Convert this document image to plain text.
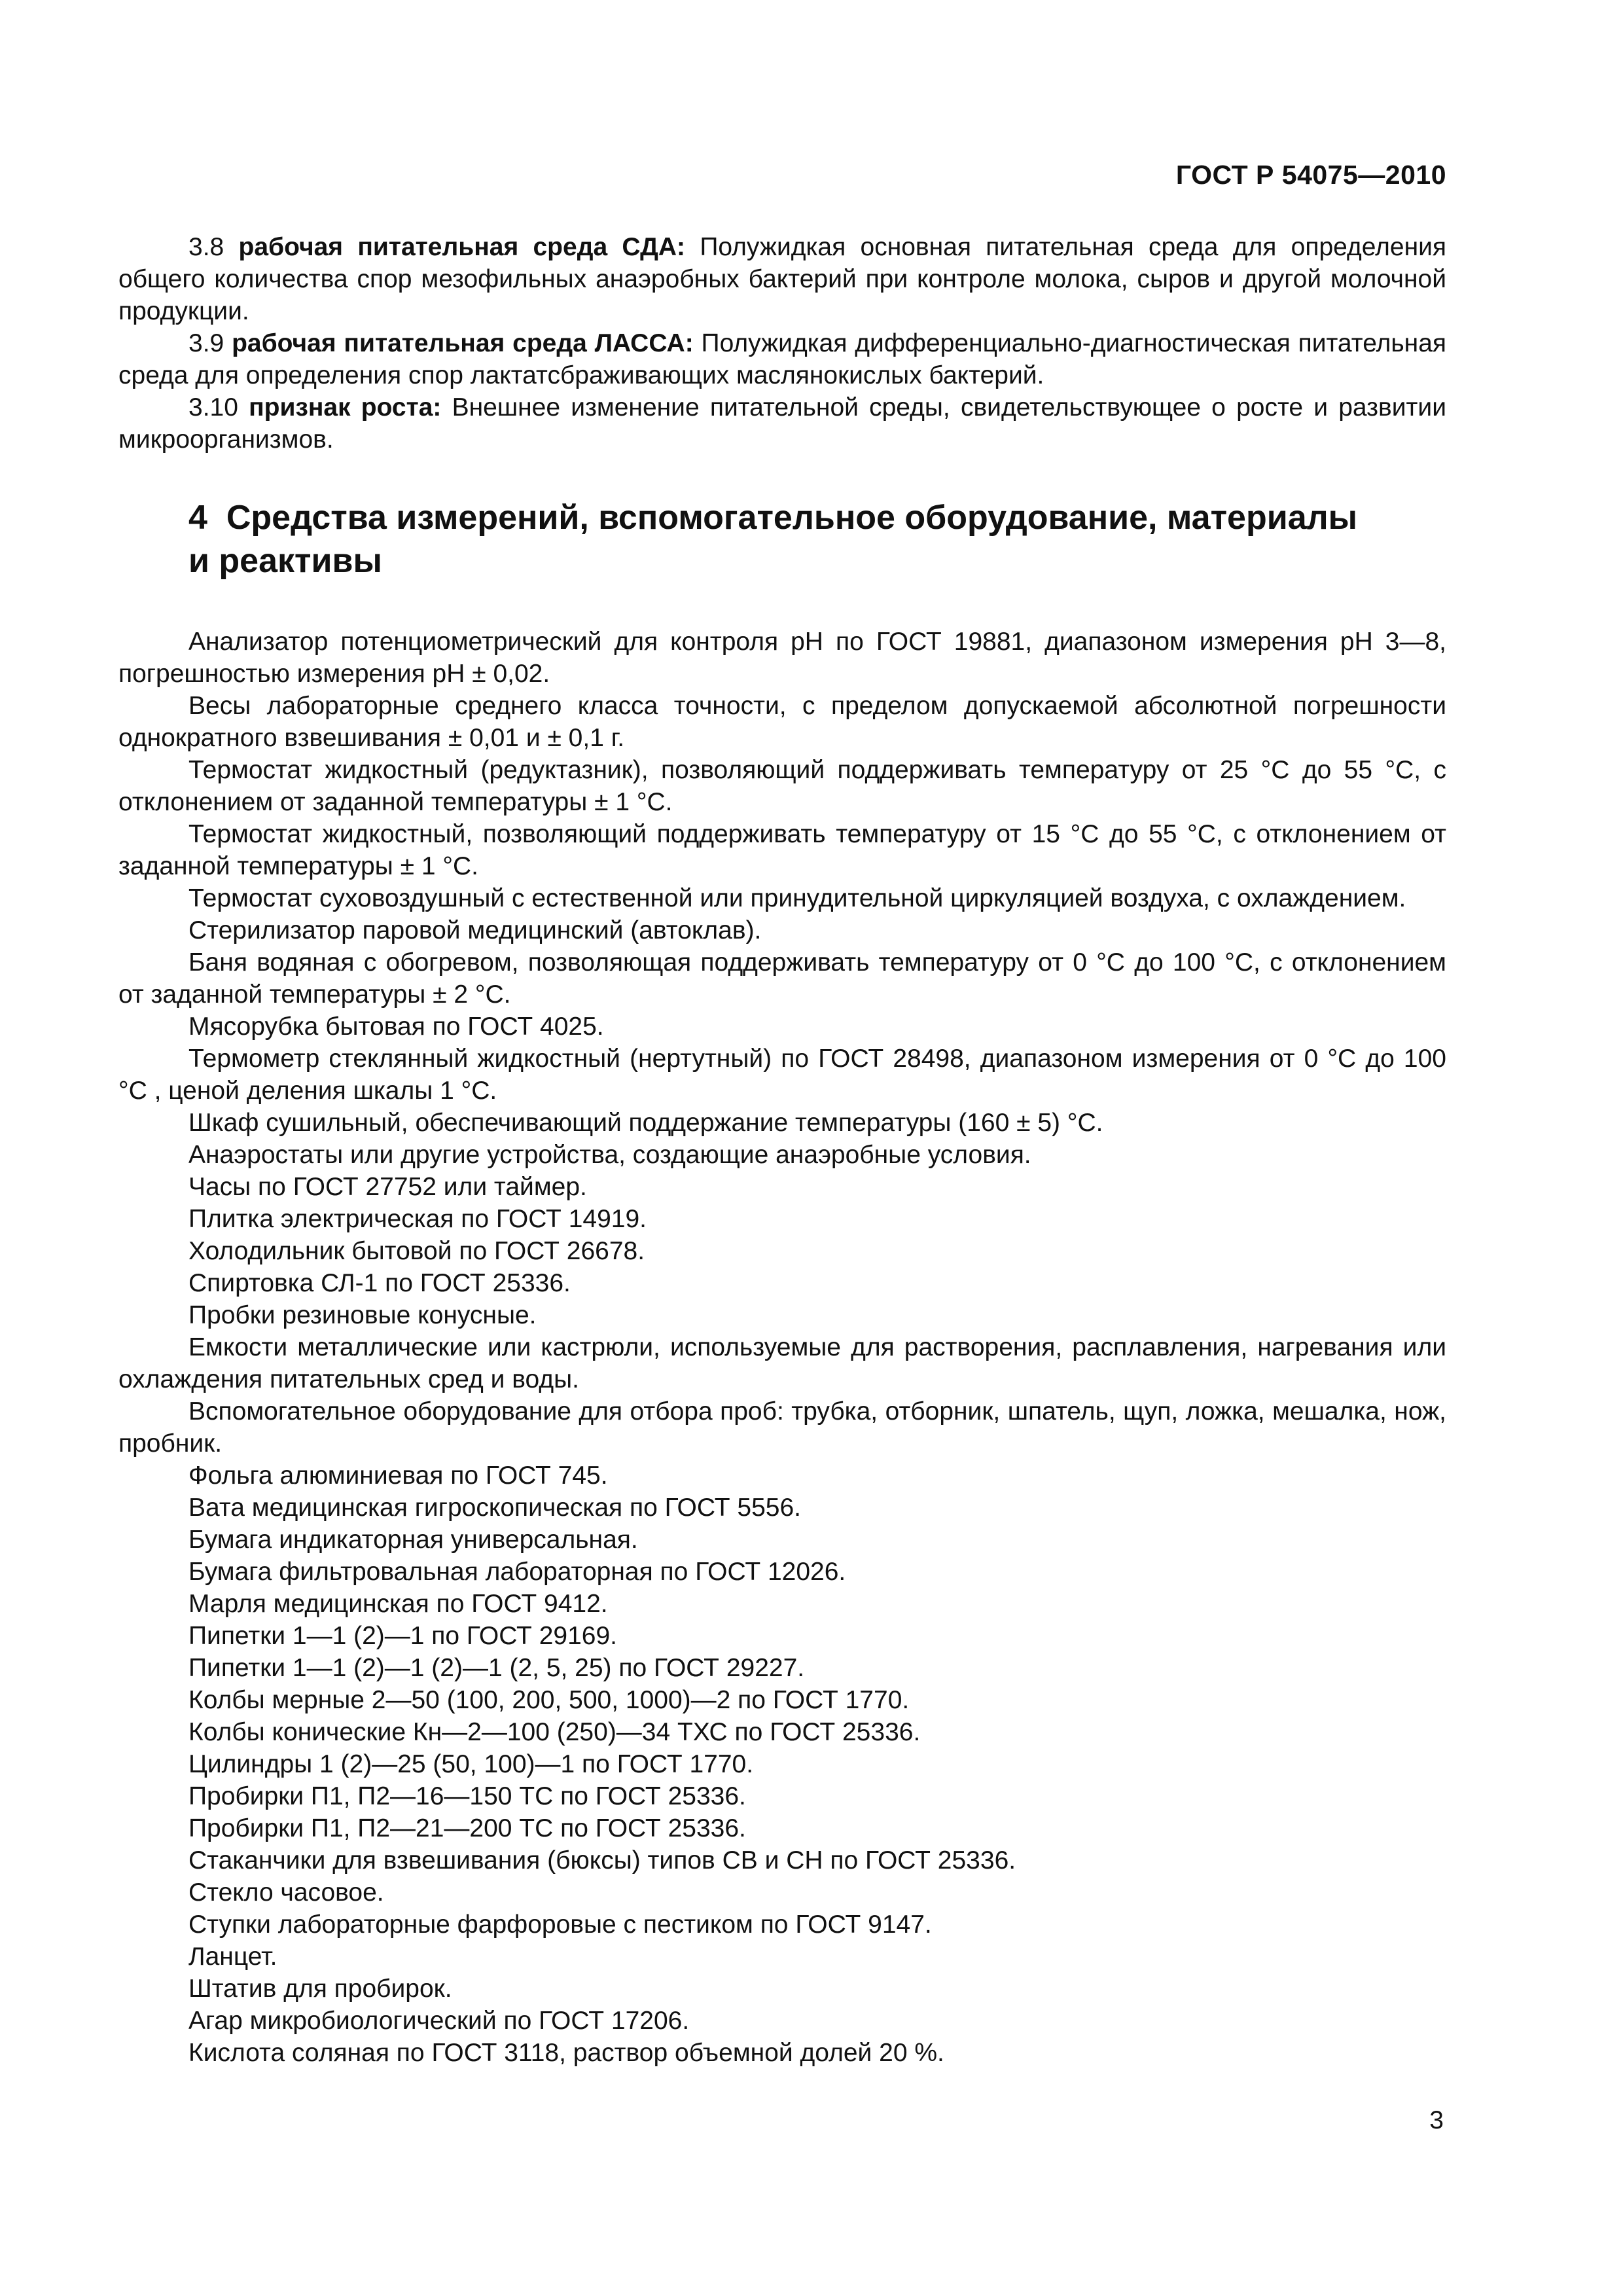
ГОСТ Р 54075—2010

3.8 рабочая питательная среда СДА: Полужидкая основная питательная среда для определения общего количества спор мезофильных анаэробных бактерий при контроле молока, сыров и другой молочной продукции.

3.9 рабочая питательная среда ЛАССА: Полужидкая дифференциально-диагностическая питательная среда для определения спор лактатсбраживающих маслянокислых бактерий.

3.10 признак роста: Внешнее изменение питательной среды, свидетельствующее о росте и развитии микроорганизмов.

4 Средства измерений, вспомогательное оборудование, материалы и реактивы

Анализатор потенциометрический для контроля pH по ГОСТ 19881, диапазоном измерения pH 3—8, погрешностью измерения pH ± 0,02.

Весы лабораторные среднего класса точности, с пределом допускаемой абсолютной погрешности однократного взвешивания ± 0,01 и ± 0,1 г.

Термостат жидкостный (редуктазник), позволяющий поддерживать температуру от 25 °С до 55 °С, с отклонением от заданной температуры ± 1 °С.

Термостат жидкостный, позволяющий поддерживать температуру от 15 °С до 55 °С, с отклонением от заданной температуры ± 1 °С.

Термостат суховоздушный с естественной или принудительной циркуляцией воздуха, с охлаждением.

Стерилизатор паровой медицинский (автоклав).

Баня водяная с обогревом, позволяющая поддерживать температуру от 0 °С до 100 °С, с отклонением от заданной температуры ± 2 °С.

Мясорубка бытовая по ГОСТ 4025.

Термометр стеклянный жидкостный (нертутный) по ГОСТ 28498, диапазоном измерения от 0 °С до 100 °С , ценой деления шкалы 1 °С.

Шкаф сушильный, обеспечивающий поддержание температуры (160 ± 5) °С.

Анаэростаты или другие устройства, создающие анаэробные условия.

Часы по ГОСТ 27752 или таймер.

Плитка электрическая по ГОСТ 14919.

Холодильник бытовой по ГОСТ 26678.

Спиртовка СЛ-1 по ГОСТ 25336.

Пробки резиновые конусные.

Емкости металлические или кастрюли, используемые для растворения, расплавления, нагревания или охлаждения питательных сред и воды.

Вспомогательное оборудование для отбора проб: трубка, отборник, шпатель, щуп, ложка, мешалка, нож, пробник.

Фольга алюминиевая по ГОСТ 745.

Вата медицинская гигроскопическая по ГОСТ 5556.

Бумага индикаторная универсальная.

Бумага фильтровальная лабораторная по ГОСТ 12026.

Марля медицинская по ГОСТ 9412.

Пипетки 1—1 (2)—1 по ГОСТ 29169.

Пипетки 1—1 (2)—1 (2)—1 (2, 5, 25) по ГОСТ 29227.

Колбы мерные 2—50 (100, 200, 500, 1000)—2 по ГОСТ 1770.

Колбы конические Кн—2—100 (250)—34 ТХС по ГОСТ 25336.

Цилиндры 1 (2)—25 (50, 100)—1 по ГОСТ 1770.

Пробирки П1, П2—16—150 ТС по ГОСТ 25336.

Пробирки П1, П2—21—200 ТС по ГОСТ 25336.

Стаканчики для взвешивания (бюксы) типов СВ и СН по ГОСТ 25336.

Стекло часовое.

Ступки лабораторные фарфоровые с пестиком по ГОСТ 9147.

Ланцет.

Штатив для пробирок.

Агар микробиологический по ГОСТ 17206.

Кислота соляная по ГОСТ 3118, раствор объемной долей 20 %.

3
